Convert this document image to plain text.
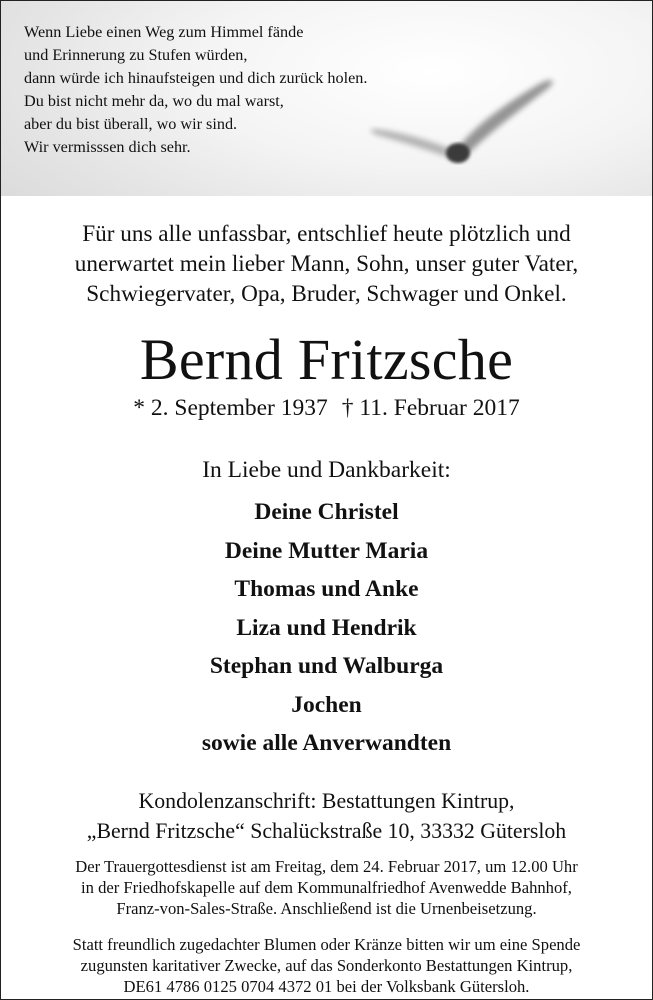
Wenn Liebe einen Weg zum Himmel fände
und Erinnerung zu Stufen würden,
dann würde ich hinaufsteigen und dich zurück holen.
Du bist nicht mehr da, wo du mal warst,
aber du bist überall, wo wir sind.
Wir vermisssen dich sehr.
Für uns alle unfassbar, entschlief heute plötzlich und
unerwartet mein lieber Mann, Sohn, unser guter Vater,
Schwiegervater, Opa, Bruder, Schwager und Onkel.
Bernd Fritzsche
* 2. September 1937 † 11. Februar 2017
In Liebe und Dankbarkeit:
Deine Christel
Deine Mutter Maria
Thomas und Anke
Liza und Hendrik
Stephan und Walburga
Jochen
sowie alle Anverwandten
Kondolenzanschrift: Bestattungen Kintrup,
„Bernd Fritzsche“ Schalückstraße 10, 33332 Gütersloh
Der Trauergottesdienst ist am Freitag, dem 24. Februar 2017, um 12.00 Uhr
in der Friedhofskapelle auf dem Kommunalfriedhof Avenwedde Bahnhof,
Franz-von-Sales-Straße. Anschließend ist die Urnenbeisetzung.
Statt freundlich zugedachter Blumen oder Kränze bitten wir um eine Spende
zugunsten karitativer Zwecke, auf das Sonderkonto Bestattungen Kintrup,
DE61 4786 0125 0704 4372 01 bei der Volksbank Gütersloh.
